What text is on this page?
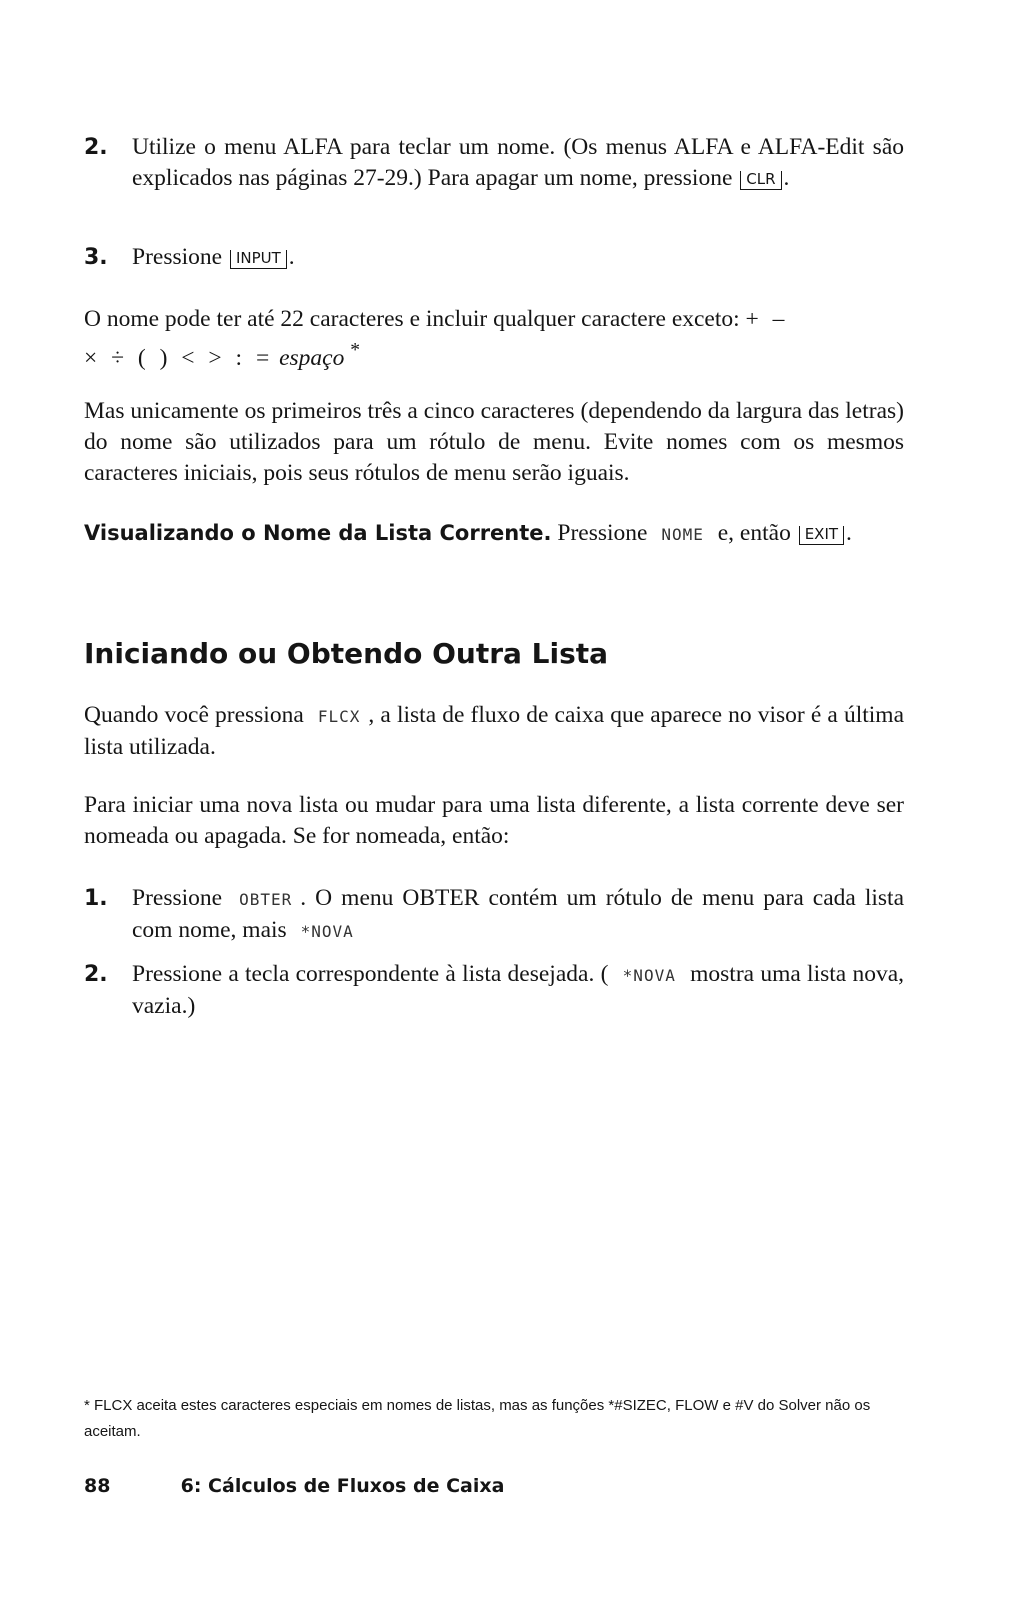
2.	Utilize o menu ALFA para teclar um nome. (Os menus ALFA e ALFA-Edit são explicados nas páginas 27-29.) Para apagar um nome, pressione CLR .
3.	Pressione INPUT .
O nome pode ter até 22 caracteres e incluir qualquer caractere exceto: + –
× ÷ ( ) < > : = espaço *
Mas unicamente os primeiros três a cinco caracteres (dependendo da largura das letras) do nome são utilizados para um rótulo de menu. Evite nomes com os mesmos caracteres iniciais, pois seus rótulos de menu serão iguais.
Visualizando o Nome da Lista Corrente. Pressione NOME e, então EXIT .
Iniciando ou Obtendo Outra Lista
Quando você pressiona FLCX , a lista de fluxo de caixa que aparece no visor é a última lista utilizada.
Para iniciar uma nova lista ou mudar para uma lista diferente, a lista corrente deve ser nomeada ou apagada. Se for nomeada, então:
1.	Pressione OBTER . O menu OBTER contém um rótulo de menu para cada lista com nome, mais *NOVA
2.	Pressione a tecla correspondente à lista desejada. ( *NOVA mostra uma lista nova, vazia.)
* FLCX aceita estes caracteres especiais em nomes de listas, mas as funções *#SIZEC, FLOW e #V do Solver não os aceitam.
88	6: Cálculos de Fluxos de Caixa
